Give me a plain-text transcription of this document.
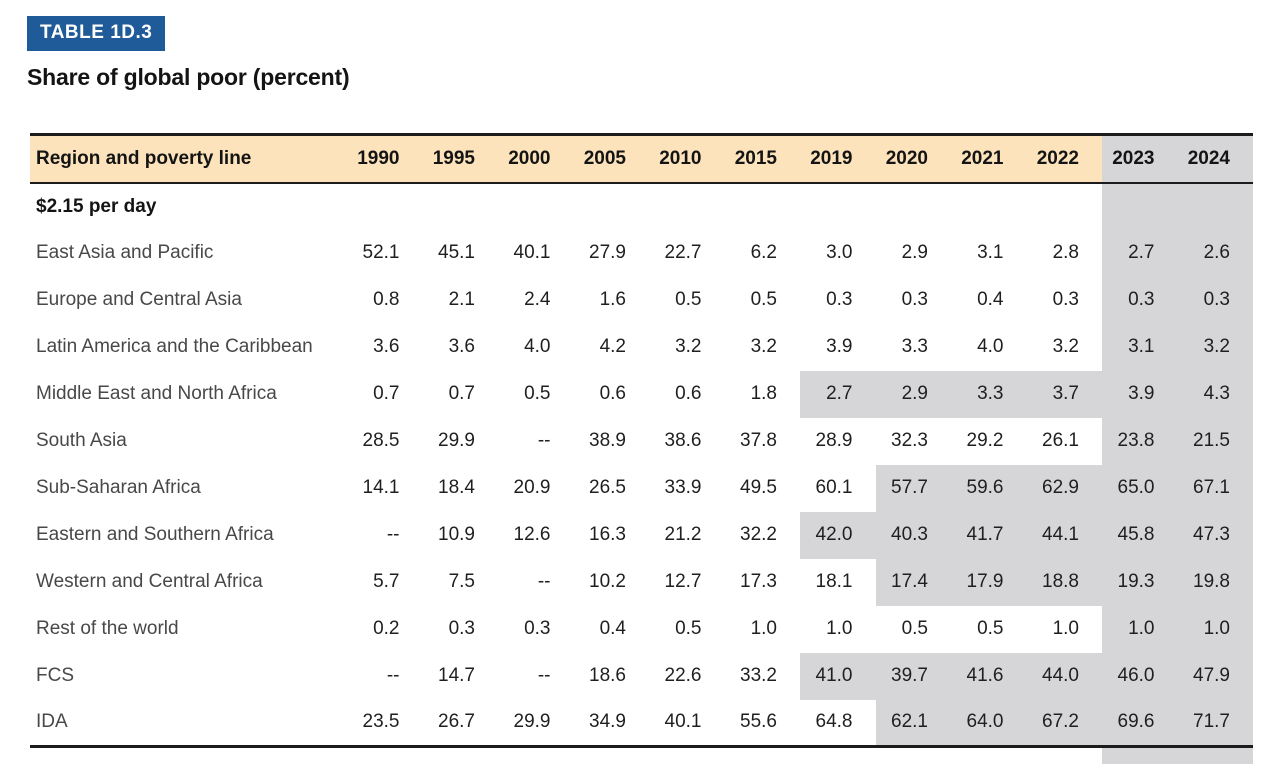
TABLE 1D.3
Share of global poor (percent)
Region and poverty line	1990	1995	2000	2005	2010	2015	2019	2020	2021	2022	2023	2024
$2.15 per day												
East Asia and Pacific	52.1	45.1	40.1	27.9	22.7	6.2	3.0	2.9	3.1	2.8	2.7	2.6
Europe and Central Asia	0.8	2.1	2.4	1.6	0.5	0.5	0.3	0.3	0.4	0.3	0.3	0.3
Latin America and the Caribbean	3.6	3.6	4.0	4.2	3.2	3.2	3.9	3.3	4.0	3.2	3.1	3.2
Middle East and North Africa	0.7	0.7	0.5	0.6	0.6	1.8	2.7	2.9	3.3	3.7	3.9	4.3
South Asia	28.5	29.9	--	38.9	38.6	37.8	28.9	32.3	29.2	26.1	23.8	21.5
Sub-Saharan Africa	14.1	18.4	20.9	26.5	33.9	49.5	60.1	57.7	59.6	62.9	65.0	67.1
Eastern and Southern Africa	--	10.9	12.6	16.3	21.2	32.2	42.0	40.3	41.7	44.1	45.8	47.3
Western and Central Africa	5.7	7.5	--	10.2	12.7	17.3	18.1	17.4	17.9	18.8	19.3	19.8
Rest of the world	0.2	0.3	0.3	0.4	0.5	1.0	1.0	0.5	0.5	1.0	1.0	1.0
FCS	--	14.7	--	18.6	22.6	33.2	41.0	39.7	41.6	44.0	46.0	47.9
IDA	23.5	26.7	29.9	34.9	40.1	55.6	64.8	62.1	64.0	67.2	69.6	71.7
